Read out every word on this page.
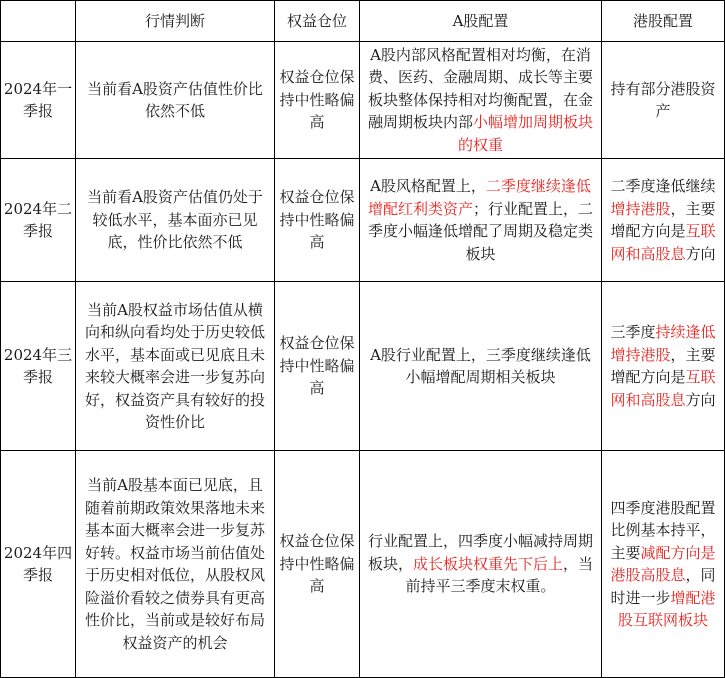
	行情判断	权益仓位	A股配置	港股配置
2024年一季报	当前看A股资产估值性价比依然不低	权益仓位保持中性略偏高	A股内部风格配置相对均衡，在消费、医药、金融周期、成长等主要板块整体保持相对均衡配置，在金融周期板块内部小幅增加周期板块的权重	持有部分港股资产
2024年二季报	当前看A股资产估值仍处于较低水平，基本面亦已见底，性价比依然不低	权益仓位保持中性略偏高	A股风格配置上，二季度继续逢低增配红利类资产；行业配置上，二季度小幅逢低增配了周期及稳定类板块	二季度逢低继续增持港股，主要增配方向是互联网和高股息方向
2024年三季报	当前A股权益市场估值从横向和纵向看均处于历史较低水平，基本面或已见底且未来较大概率会进一步复苏向好，权益资产具有较好的投资性价比	权益仓位保持中性略偏高	A股行业配置上，三季度继续逢低小幅增配周期相关板块	三季度持续逢低增持港股，主要增配方向是互联网和高股息方向
2024年四季报	当前A股基本面已见底，且随着前期政策效果落地未来基本面大概率会进一步复苏好转。权益市场当前估值处于历史相对低位，从股权风险溢价看较之债券具有更高性价比，当前或是较好布局权益资产的机会	权益仓位保持中性略偏高	行业配置上，四季度小幅减持周期板块，成长板块权重先下后上，当前持平三季度末权重。	四季度港股配置比例基本持平，主要减配方向是港股高股息，同时进一步增配港股互联网板块
